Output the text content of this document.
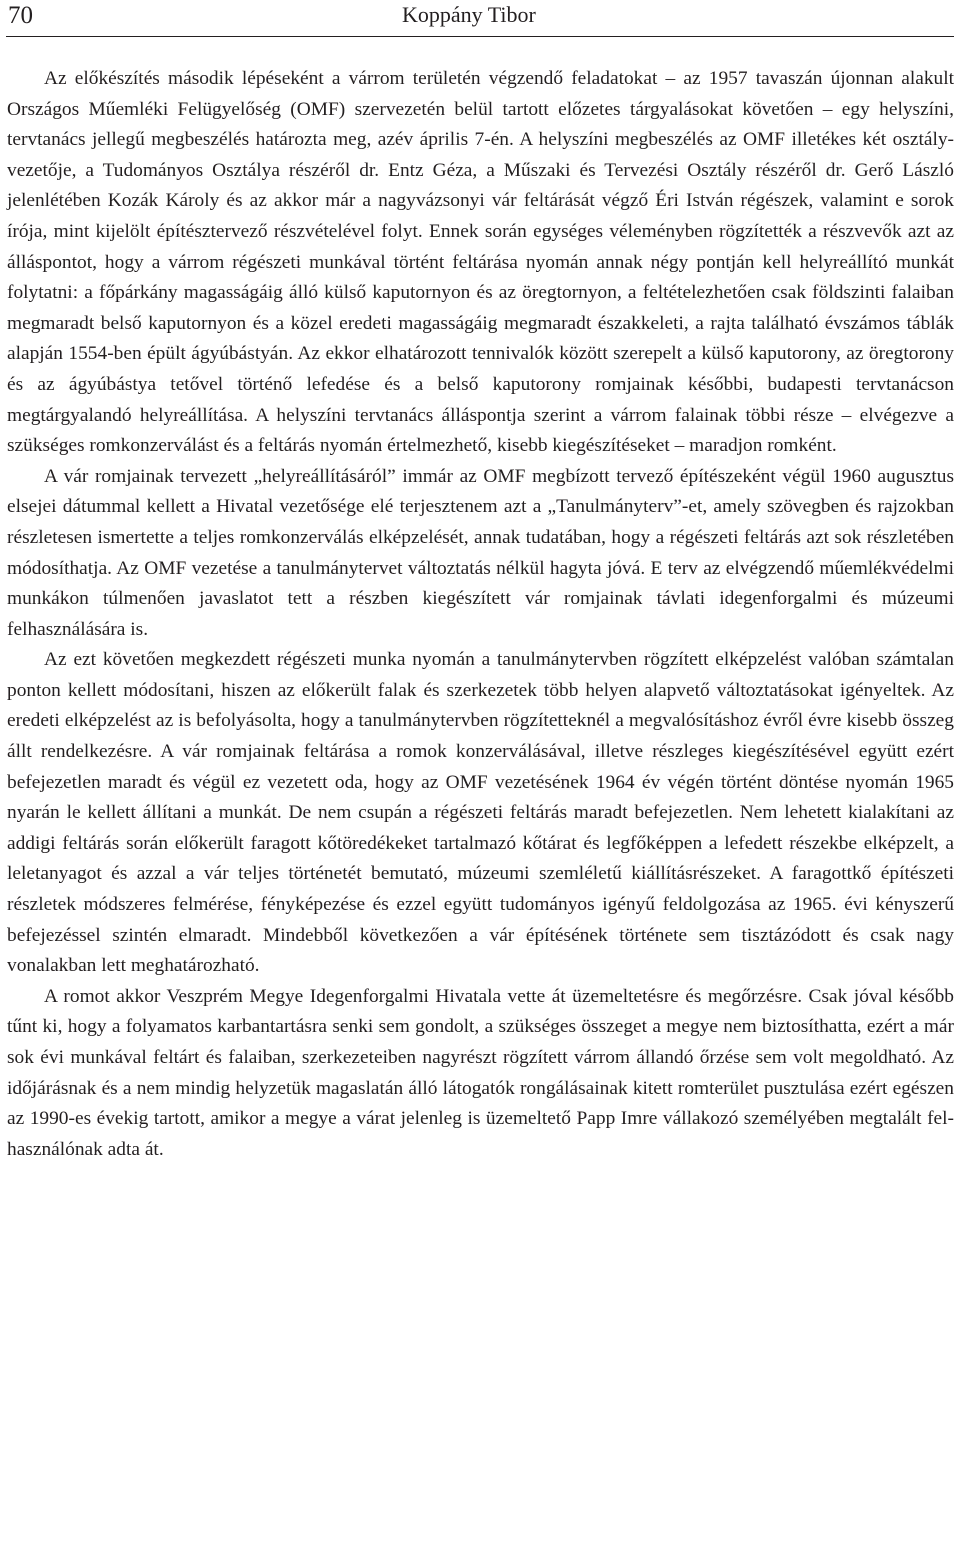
70	Koppány Tibor

Az előkészítés második lépéseként a várrom területén végzendő feladatokat – az 1957 tavaszán újonnan alakult Országos Műemléki Felügyelőség (OMF) szervezetén belül tartott előzetes tárgyalásokat követően – egy helyszíni, tervtanács jellegű megbeszélés határozta meg, azév április 7-én. A helyszíni megbeszélés az OMF illetékes két osztályvezetője, a Tudományos Osztálya részéről dr. Entz Géza, a Műszaki és Tervezési Osztály részéről dr. Gerő László jelenlétében Kozák Károly és az akkor már a nagyvázsonyi vár feltárását végző Éri István régészek, valamint e sorok írója, mint kijelölt építésztervező részvételével folyt. Ennek során egységes véleményben rögzítették a részvevők azt az álláspontot, hogy a várrom régészeti munkával történt feltárása nyomán annak négy pontján kell helyreállító munkát folytatni: a főpárkány magasságáig álló külső kaputornyon és az öregtornyon, a feltételezhetően csak földszinti falaiban megmaradt belső kaputornyon és a közel eredeti magasságáig megmaradt északkeleti, a rajta található évszámos táblák alapján 1554-ben épült ágyúbástyán. Az ekkor elhatározott tennivalók között szerepelt a külső kaputorony, az öregtorony és az ágyúbástya tetővel történő lefedése és a belső kaputorony romjainak későbbi, budapesti tervtanácson megtárgyalandó helyreállítása. A helyszíni tervtanács álláspontja szerint a várrom falainak többi része – elvégezve a szükséges romkonzerválást és a feltárás nyomán értelmezhető, kisebb kiegészítéseket – maradjon romként.

A vár romjainak tervezett „helyreállításáról” immár az OMF megbízott tervező építészeként végül 1960 augusztus elsejei dátummal kellett a Hivatal vezetősége elé terjesztenem azt a „Tanulmányterv”-et, amely szövegben és rajzokban részletesen ismertette a teljes romkonzerválás elképzelését, annak tudatában, hogy a régészeti feltárás azt sok részletében módosíthatja. Az OMF vezetése a tanulmánytervet változtatás nélkül hagyta jóvá. E terv az elvégzendő műemlékvédelmi munkákon túlmenően javaslatot tett a részben kiegészített vár romjainak távlati idegenforgalmi és múzeumi felhasználására is.

Az ezt követően megkezdett régészeti munka nyomán a tanulmánytervben rögzített elképzelést valóban számtalan ponton kellett módosítani, hiszen az előkerült falak és szerkezetek több helyen alapvető változtatásokat igényeltek. Az eredeti elképzelést az is befolyásolta, hogy a tanulmánytervben rögzítetteknél a megvalósításhoz évről évre kisebb összeg állt rendelkezésre. A vár romjainak feltárása a romok konzerválásával, illetve részleges kiegészítésével együtt ezért befejezetlen maradt és végül ez vezetett oda, hogy az OMF vezetésének 1964 év végén történt döntése nyomán 1965 nyarán le kellett állítani a munkát. De nem csupán a régészeti feltárás maradt befejezetlen. Nem lehetett kialakítani az addigi feltárás során előkerült faragott kőtöredékeket tartalmazó kőtárat és legfőképpen a lefedett részekbe elképzelt, a leletanyagot és azzal a vár teljes történetét bemutató, múzeumi szemléletű kiállításrészeket. A faragottkő építészeti részletek módszeres felmérése, fényképezése és ezzel együtt tudományos igényű feldolgozása az 1965. évi kényszerű befejezéssel szintén elmaradt. Mindebből következően a vár építésének története sem tisztázódott és csak nagy vonalakban lett meghatározható.

A romot akkor Veszprém Megye Idegenforgalmi Hivatala vette át üzemeltetésre és megőrzésre. Csak jóval később tűnt ki, hogy a folyamatos karbantartásra senki sem gondolt, a szükséges összeget a megye nem biztosíthatta, ezért a már sok évi munkával feltárt és falaiban, szerkezeteiben nagyrészt rögzített várrom állandó őrzése sem volt megoldható. Az időjárásnak és a nem mindig helyzetük magaslatán álló látogatók rongálásainak kitett romterület pusztulása ezért egészen az 1990-es évekig tartott, amikor a megye a várat jelenleg is üzemeltető Papp Imre vállakozó személyében megtalált felhasználónak adta át.
